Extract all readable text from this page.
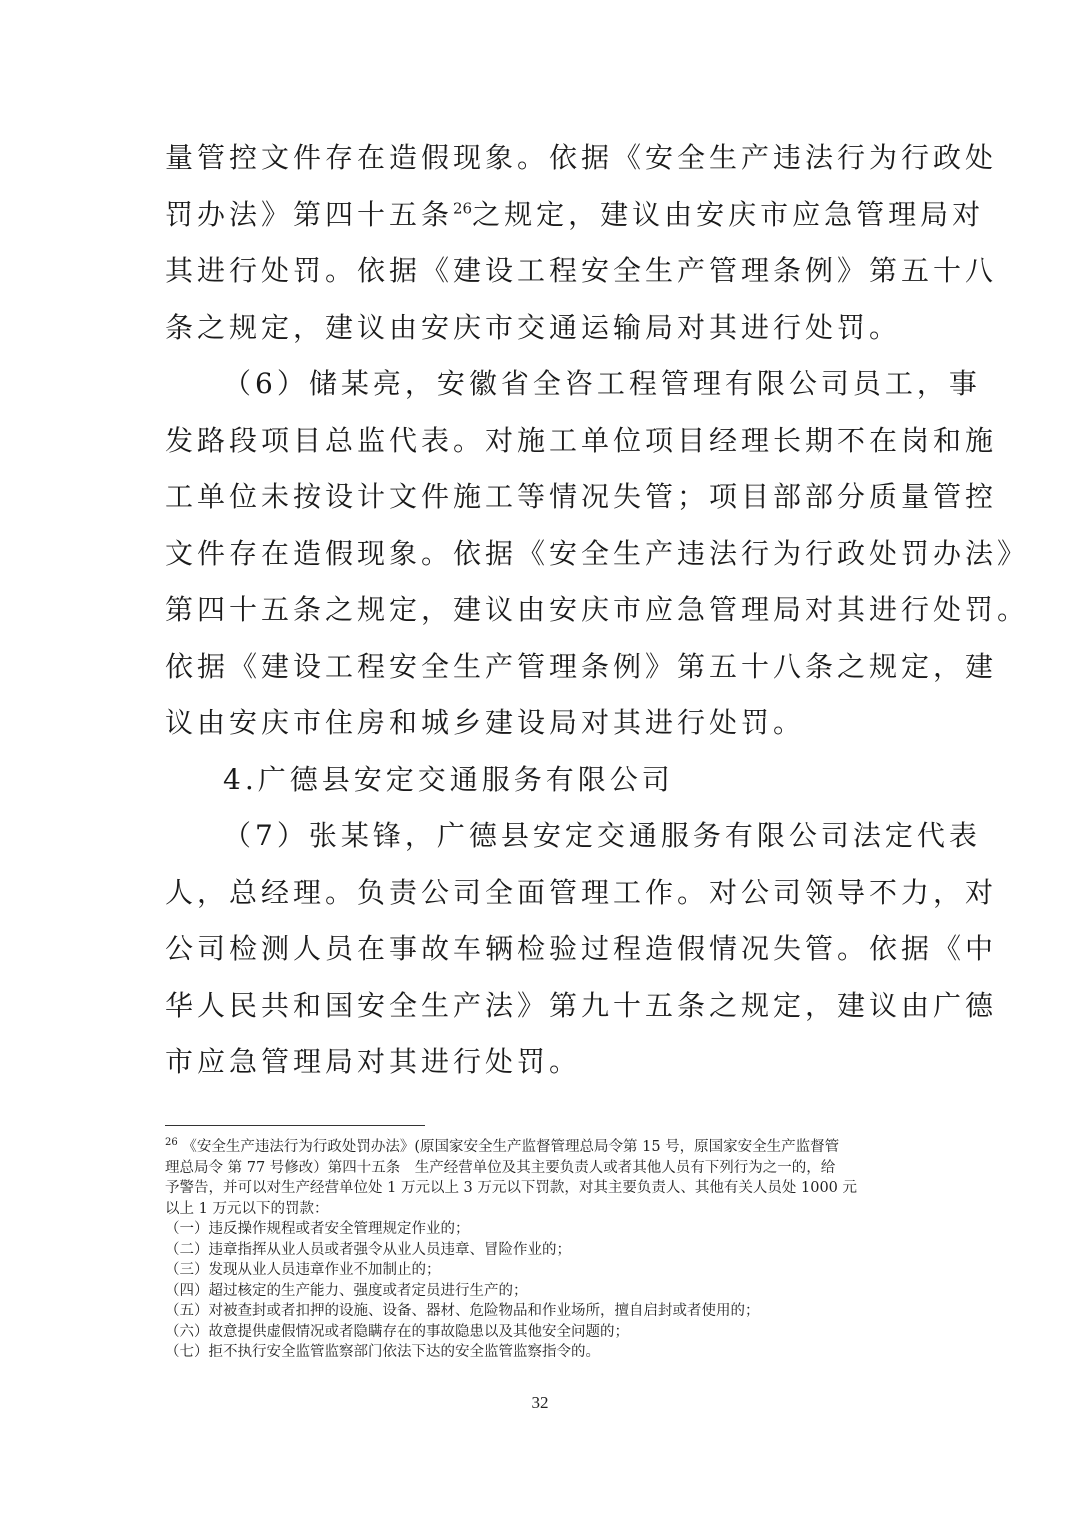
量管控文件存在造假现象。依据《安全生产违法行为行政处
罚办法》第四十五条$^{26}$之规定，建议由安庆市应急管理局对
其进行处罚。依据《建设工程安全生产管理条例》第五十八
条之规定，建议由安庆市交通运输局对其进行处罚。
（6）储某亮，安徽省全咨工程管理有限公司员工，事
发路段项目总监代表。对施工单位项目经理长期不在岗和施
工单位未按设计文件施工等情况失管；项目部部分质量管控
文件存在造假现象。依据《安全生产违法行为行政处罚办法》
第四十五条之规定，建议由安庆市应急管理局对其进行处罚。
依据《建设工程安全生产管理条例》第五十八条之规定，建
议由安庆市住房和城乡建设局对其进行处罚。
4.广德县安定交通服务有限公司
（7）张某锋，广德县安定交通服务有限公司法定代表
人，总经理。负责公司全面管理工作。对公司领导不力，对
公司检测人员在事故车辆检验过程造假情况失管。依据《中
华人民共和国安全生产法》第九十五条之规定，建议由广德
市应急管理局对其进行处罚。
$^{26}$ 《安全生产违法行为行政处罚办法》(原国家安全生产监督管理总局令第 15 号，原国家安全生产监督管
理总局令 第 77 号修改）第四十五条　生产经营单位及其主要负责人或者其他人员有下列行为之一的，给
予警告，并可以对生产经营单位处 1 万元以上 3 万元以下罚款，对其主要负责人、其他有关人员处 1000 元
以上 1 万元以下的罚款：
（一）违反操作规程或者安全管理规定作业的；
（二）违章指挥从业人员或者强令从业人员违章、冒险作业的；
（三）发现从业人员违章作业不加制止的；
（四）超过核定的生产能力、强度或者定员进行生产的；
（五）对被查封或者扣押的设施、设备、器材、危险物品和作业场所，擅自启封或者使用的；
（六）故意提供虚假情况或者隐瞒存在的事故隐患以及其他安全问题的；
（七）拒不执行安全监管监察部门依法下达的安全监管监察指令的。
32
